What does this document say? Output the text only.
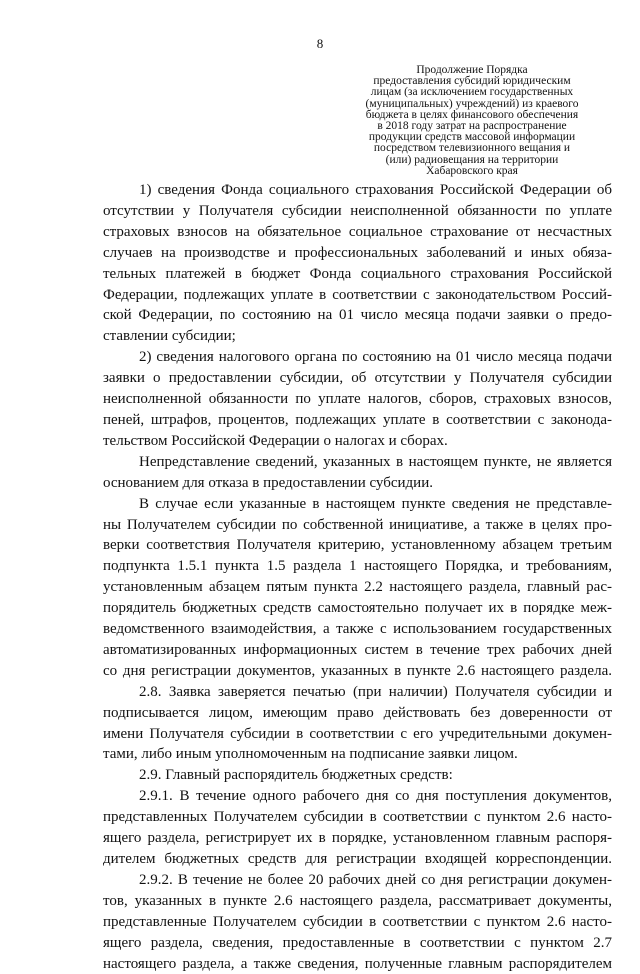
8
Продолжение Порядка
предоставления субсидий юридическим
лицам (за исключением государственных
(муниципальных) учреждений) из краевого
бюджета в целях финансового обеспечения
в 2018 году затрат на распространение
продукции средств массовой информации
посредством телевизионного вещания и
(или) радиовещания на территории
Хабаровского края
1) сведения Фонда социального страхования Российской Федерации об
отсутствии у Получателя субсидии неисполненной обязанности по уплате
страховых взносов на обязательное социальное страхование от несчастных
случаев на производстве и профессиональных заболеваний и иных обяза-
тельных платежей в бюджет Фонда социального страхования Российской
Федерации, подлежащих уплате в соответствии с законодательством Россий-
ской Федерации, по состоянию на 01 число месяца подачи заявки о предо-
ставлении субсидии;
2) сведения налогового органа по состоянию на 01 число месяца подачи
заявки о предоставлении субсидии, об отсутствии у Получателя субсидии
неисполненной обязанности по уплате налогов, сборов, страховых взносов,
пеней, штрафов, процентов, подлежащих уплате в соответствии с законода-
тельством Российской Федерации о налогах и сборах.
Непредставление сведений, указанных в настоящем пункте, не является
основанием для отказа в предоставлении субсидии.
В случае если указанные в настоящем пункте сведения не представле-
ны Получателем субсидии по собственной инициативе, а также в целях про-
верки соответствия Получателя критерию, установленному абзацем третьим
подпункта 1.5.1 пункта 1.5 раздела 1 настоящего Порядка, и требованиям,
установленным абзацем пятым пункта 2.2 настоящего раздела, главный рас-
порядитель бюджетных средств самостоятельно получает их в порядке меж-
ведомственного взаимодействия, а также с использованием государственных
автоматизированных информационных систем в течение трех рабочих дней
со дня регистрации документов, указанных в пункте 2.6 настоящего раздела.
2.8. Заявка заверяется печатью (при наличии) Получателя субсидии и
подписывается лицом, имеющим право действовать без доверенности от
имени Получателя субсидии в соответствии с его учредительными докумен-
тами, либо иным уполномоченным на подписание заявки лицом.
2.9. Главный распорядитель бюджетных средств:
2.9.1. В течение одного рабочего дня со дня поступления документов,
представленных Получателем субсидии в соответствии с пунктом 2.6 насто-
ящего раздела, регистрирует их в порядке, установленном главным распоря-
дителем бюджетных средств для регистрации входящей корреспонденции.
2.9.2. В течение не более 20 рабочих дней со дня регистрации докумен-
тов, указанных в пункте 2.6 настоящего раздела, рассматривает документы,
представленные Получателем субсидии в соответствии с пунктом 2.6 насто-
ящего раздела, сведения, предоставленные в соответствии с пунктом 2.7
настоящего раздела, а также сведения, полученные главным распорядителем
